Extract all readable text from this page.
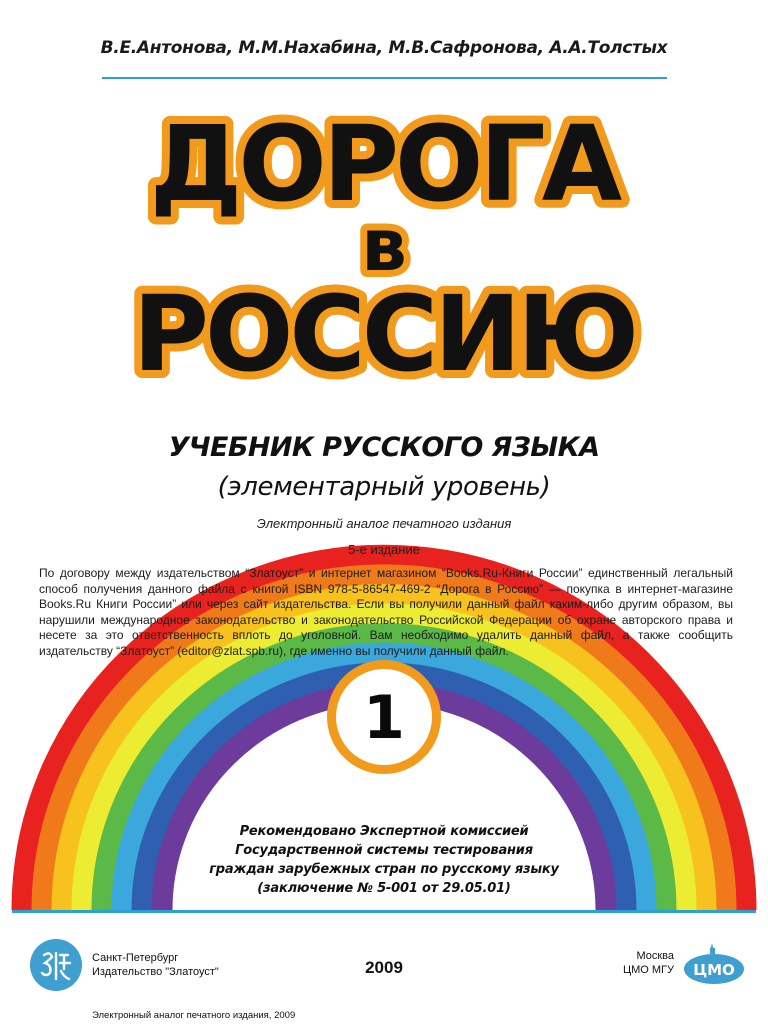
В.Е.Антонова, М.М.Нахабина, М.В.Сафронова, А.А.Толстых
ДОРОГА
в
РОССИЮ
УЧЕБНИК РУССКОГО ЯЗЫКА
(элементарный уровень)
Электронный аналог печатного издания
5-е издание
По договору между издательством “Златоуст” и интернет магазином “Books.Ru-Книги России” единственный легальный способ получения данного файла с книгой ISBN 978-5-86547-469-2 “Дорога в Россию” — покупка в интернет-магазине Books.Ru Книги России” или через сайт издательства. Если вы получили данный файл каким-либо другим образом, вы нарушили международное законодательство и законодательство Российской Федерации об охране авторского права и несете за это ответственность вплоть до уголовной. Вам необходимо удалить данный файл, а также сообщить издательству “Златоуст” (editor@zlat.spb.ru), где именно вы получили данный файл.
1
Рекомендовано Экспертной комиссией
Государственной системы тестирования
граждан зарубежных стран по русскому языку
(заключение № 5-001 от 29.05.01)
Санкт-Петербург
Издательство "Златоуст"	2009
Москва
ЦМО МГУ ЦМО
Электронный аналог печатного издания, 2009
